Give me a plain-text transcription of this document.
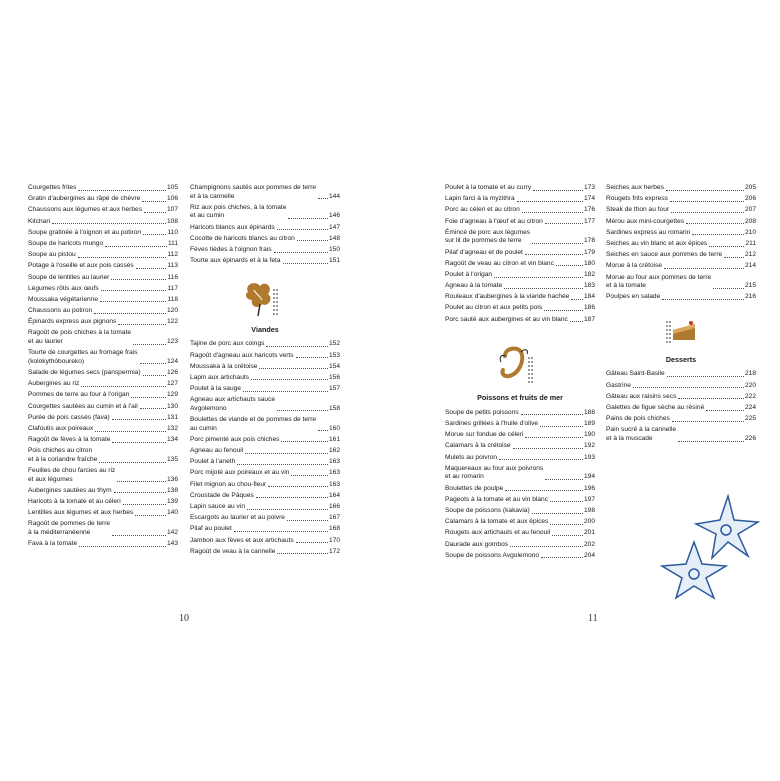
Courgettes frites	105
Gratin d'aubergines au râpé de chèvre	106
Chaussons aux légumes et aux herbes	107
Kitchari	108
Soupe gratinée à l'oignon et au potiron	110
Soupe de haricots mungo	111
Soupe au pistou	112
Potage à l'oseille et aux pois cassés	113
Soupe de lentilles au laurier	116
Légumes rôtis aux œufs	117
Moussaka végétarienne	118
Chaussons au potiron	120
Épinards express aux pignons	122
Ragoût de pois chiches à la tomate
et au laurier	123
Tourte de courgettes au fromage frais
(kolokythóboureko)	124
Salade de légumes secs (panspermia)	126
Aubergines au riz	127
Pommes de terre au four à l'origan	129
Courgettes sautées au cumin et à l'ail	130
Purée de pois cassés (fava)	131
Clafoutis aux poireaux	132
Ragoût de fèves à la tomate	134
Pois chiches au citron
et à la coriandre fraîche	135
Feuilles de chou farcies au riz
et aux légumes	136
Aubergines sautées au thym	138
Haricots à la tomate et au céleri	139
Lentilles aux légumes et aux herbes	140
Ragoût de pommes de terre
à la méditerranéenne	142
Fava à la tomate	143
Champignons sautés aux pommes de terre
et à la cannelle	144
Riz aux pois chiches, à la tomate
et au cumin	146
Haricots blancs aux épinards	147
Cocotte de haricots blancs au citron	148
Fèves tièdes à l'oignon frais	150
Tourte aux épinards et à la feta	151
Viandes
Tajine de porc aux coings	152
Ragoût d'agneau aux haricots verts	153
Moussaka à la crétoise	154
Lapin aux artichauts	156
Poulet à la sauge	157
Agneau aux artichauts sauce
Avgolemono	158
Boulettes de viande et de pommes de terre
au cumin	160
Porc pimenté aux pois chiches	161
Agneau au fenouil	162
Poulet à l'aneth	163
Porc mijoté aux poireaux et au vin	163
Filet mignon au chou-fleur	163
Croustade de Pâques	164
Lapin sauce au vin	166
Escargots au laurier et au poivre	167
Pilaf au poulet	168
Jambon aux fèves et aux artichauts	170
Ragoût de veau à la cannelle	172
10
Poulet à la tomate et au curry	173
Lapin farci à la myzithra	174
Porc au céleri et au citron	176
Foie d'agneau à l'œuf et au citron	177
Émincé de porc aux légumes
sur lit de pommes de terre	178
Pilaf d'agneau et de poulet	179
Ragoût de veau au citron et vin blanc	180
Poulet à l'origan	182
Agneau à la tomate	183
Rouleaux d'aubergines à la viande hachée 184
Poulet au citron et aux petits pois	186
Porc sauté aux aubergines et au vin blanc 187
Poissons et fruits de mer
Soupe de petits poissons	188
Sardines grillées à l'huile d'olive	189
Morue sur fondue de céleri	190
Calamars à la crétoise	192
Mulets au poivron	193
Maquereaux au four aux poivrons
et au romarin	194
Boulettes de poulpe	196
Pageots à la tomate et au vin blanc	197
Soupe de poissons (kakavia)	198
Calamars à la tomate et aux épices	200
Rougets aux artichauts et au fenouil	201
Daurade aux gombos	202
Soupe de poissons Avgolemono	204
Seiches aux herbes	205
Rougets frits express	206
Steak de thon au four	207
Mérou aux mini-courgettes	208
Sardines express au romarin	210
Seiches au vin blanc et aux épices	211
Seiches en sauce aux pommes de terre	212
Morue à la crétoise	214
Morue au four aux pommes de terre
et à la tomate	215
Poulpes en salade	216
Desserts
Gâteau Saint-Basile	218
Gastrine	220
Gâteau aux raisins secs	222
Galettes de figue sèche au résiné	224
Pains de pois chiches	225
Pain sucré à la cannelle
et à la muscade	226
11
